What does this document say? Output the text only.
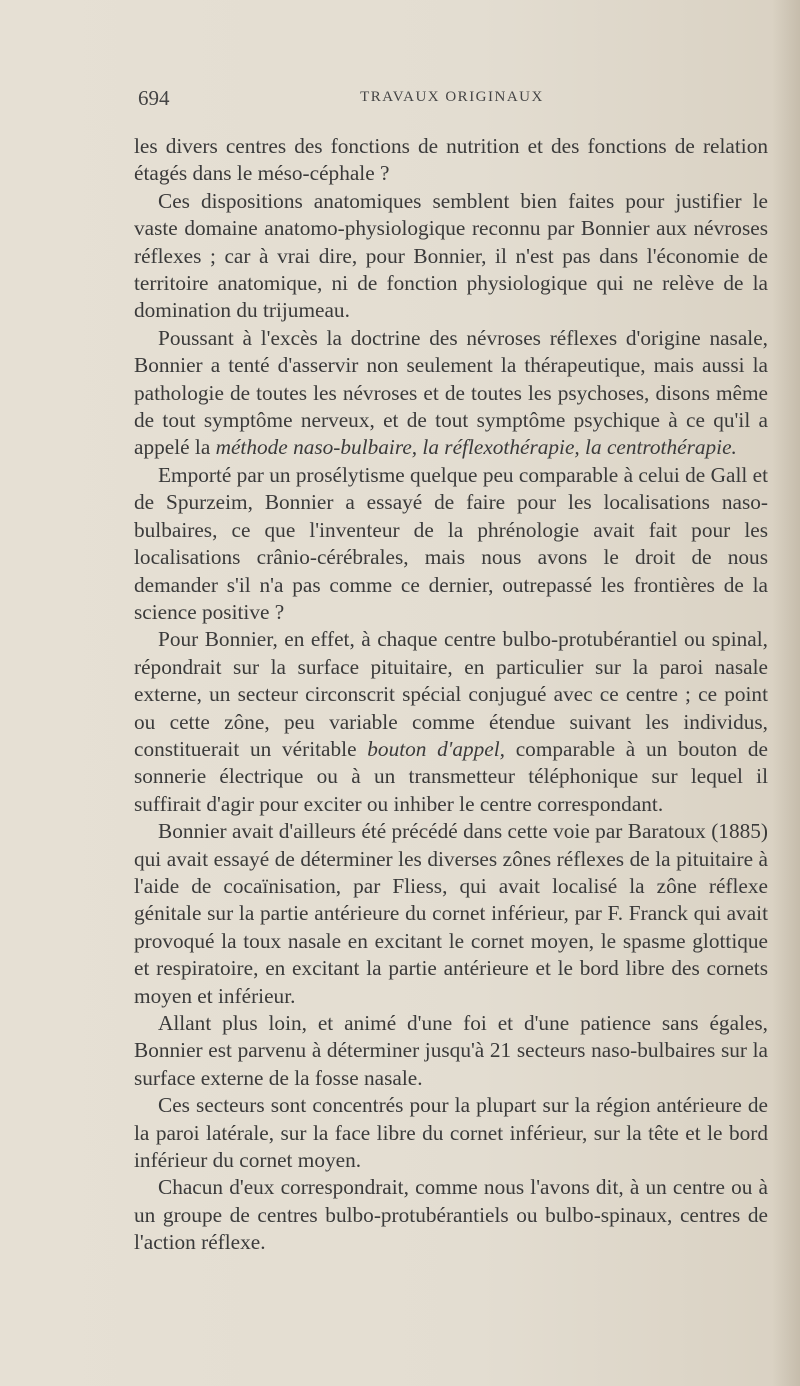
694	TRAVAUX ORIGINAUX

les divers centres des fonctions de nutrition et des fonctions de relation étagés dans le méso-céphale ?

Ces dispositions anatomiques semblent bien faites pour justifier le vaste domaine anatomo-physiologique reconnu par Bonnier aux névroses réflexes ; car à vrai dire, pour Bonnier, il n'est pas dans l'économie de territoire anatomique, ni de fonction physiologique qui ne relève de la domination du trijumeau.

Poussant à l'excès la doctrine des névroses réflexes d'origine nasale, Bonnier a tenté d'asservir non seulement la thérapeutique, mais aussi la pathologie de toutes les névroses et de toutes les psychoses, disons même de tout symptôme nerveux, et de tout symptôme psychique à ce qu'il a appelé la méthode naso-bulbaire, la réflexothérapie, la centrothérapie.

Emporté par un prosélytisme quelque peu comparable à celui de Gall et de Spurzeim, Bonnier a essayé de faire pour les localisations naso-bulbaires, ce que l'inventeur de la phrénologie avait fait pour les localisations crânio-cérébrales, mais nous avons le droit de nous demander s'il n'a pas comme ce dernier, outrepassé les frontières de la science positive ?

Pour Bonnier, en effet, à chaque centre bulbo-protubérantiel ou spinal, répondrait sur la surface pituitaire, en particulier sur la paroi nasale externe, un secteur circonscrit spécial conjugué avec ce centre ; ce point ou cette zône, peu variable comme étendue suivant les individus, constituerait un véritable bouton d'appel, comparable à un bouton de sonnerie électrique ou à un transmetteur téléphonique sur lequel il suffirait d'agir pour exciter ou inhiber le centre correspondant.

Bonnier avait d'ailleurs été précédé dans cette voie par Baratoux (1885) qui avait essayé de déterminer les diverses zônes réflexes de la pituitaire à l'aide de cocaïnisation, par Fliess, qui avait localisé la zône réflexe génitale sur la partie antérieure du cornet inférieur, par F. Franck qui avait provoqué la toux nasale en excitant le cornet moyen, le spasme glottique et respiratoire, en excitant la partie antérieure et le bord libre des cornets moyen et inférieur.

Allant plus loin, et animé d'une foi et d'une patience sans égales, Bonnier est parvenu à déterminer jusqu'à 21 secteurs naso-bulbaires sur la surface externe de la fosse nasale.

Ces secteurs sont concentrés pour la plupart sur la région antérieure de la paroi latérale, sur la face libre du cornet inférieur, sur la tête et le bord inférieur du cornet moyen.

Chacun d'eux correspondrait, comme nous l'avons dit, à un centre ou à un groupe de centres bulbo-protubérantiels ou bulbo-spinaux, centres de l'action réflexe.
